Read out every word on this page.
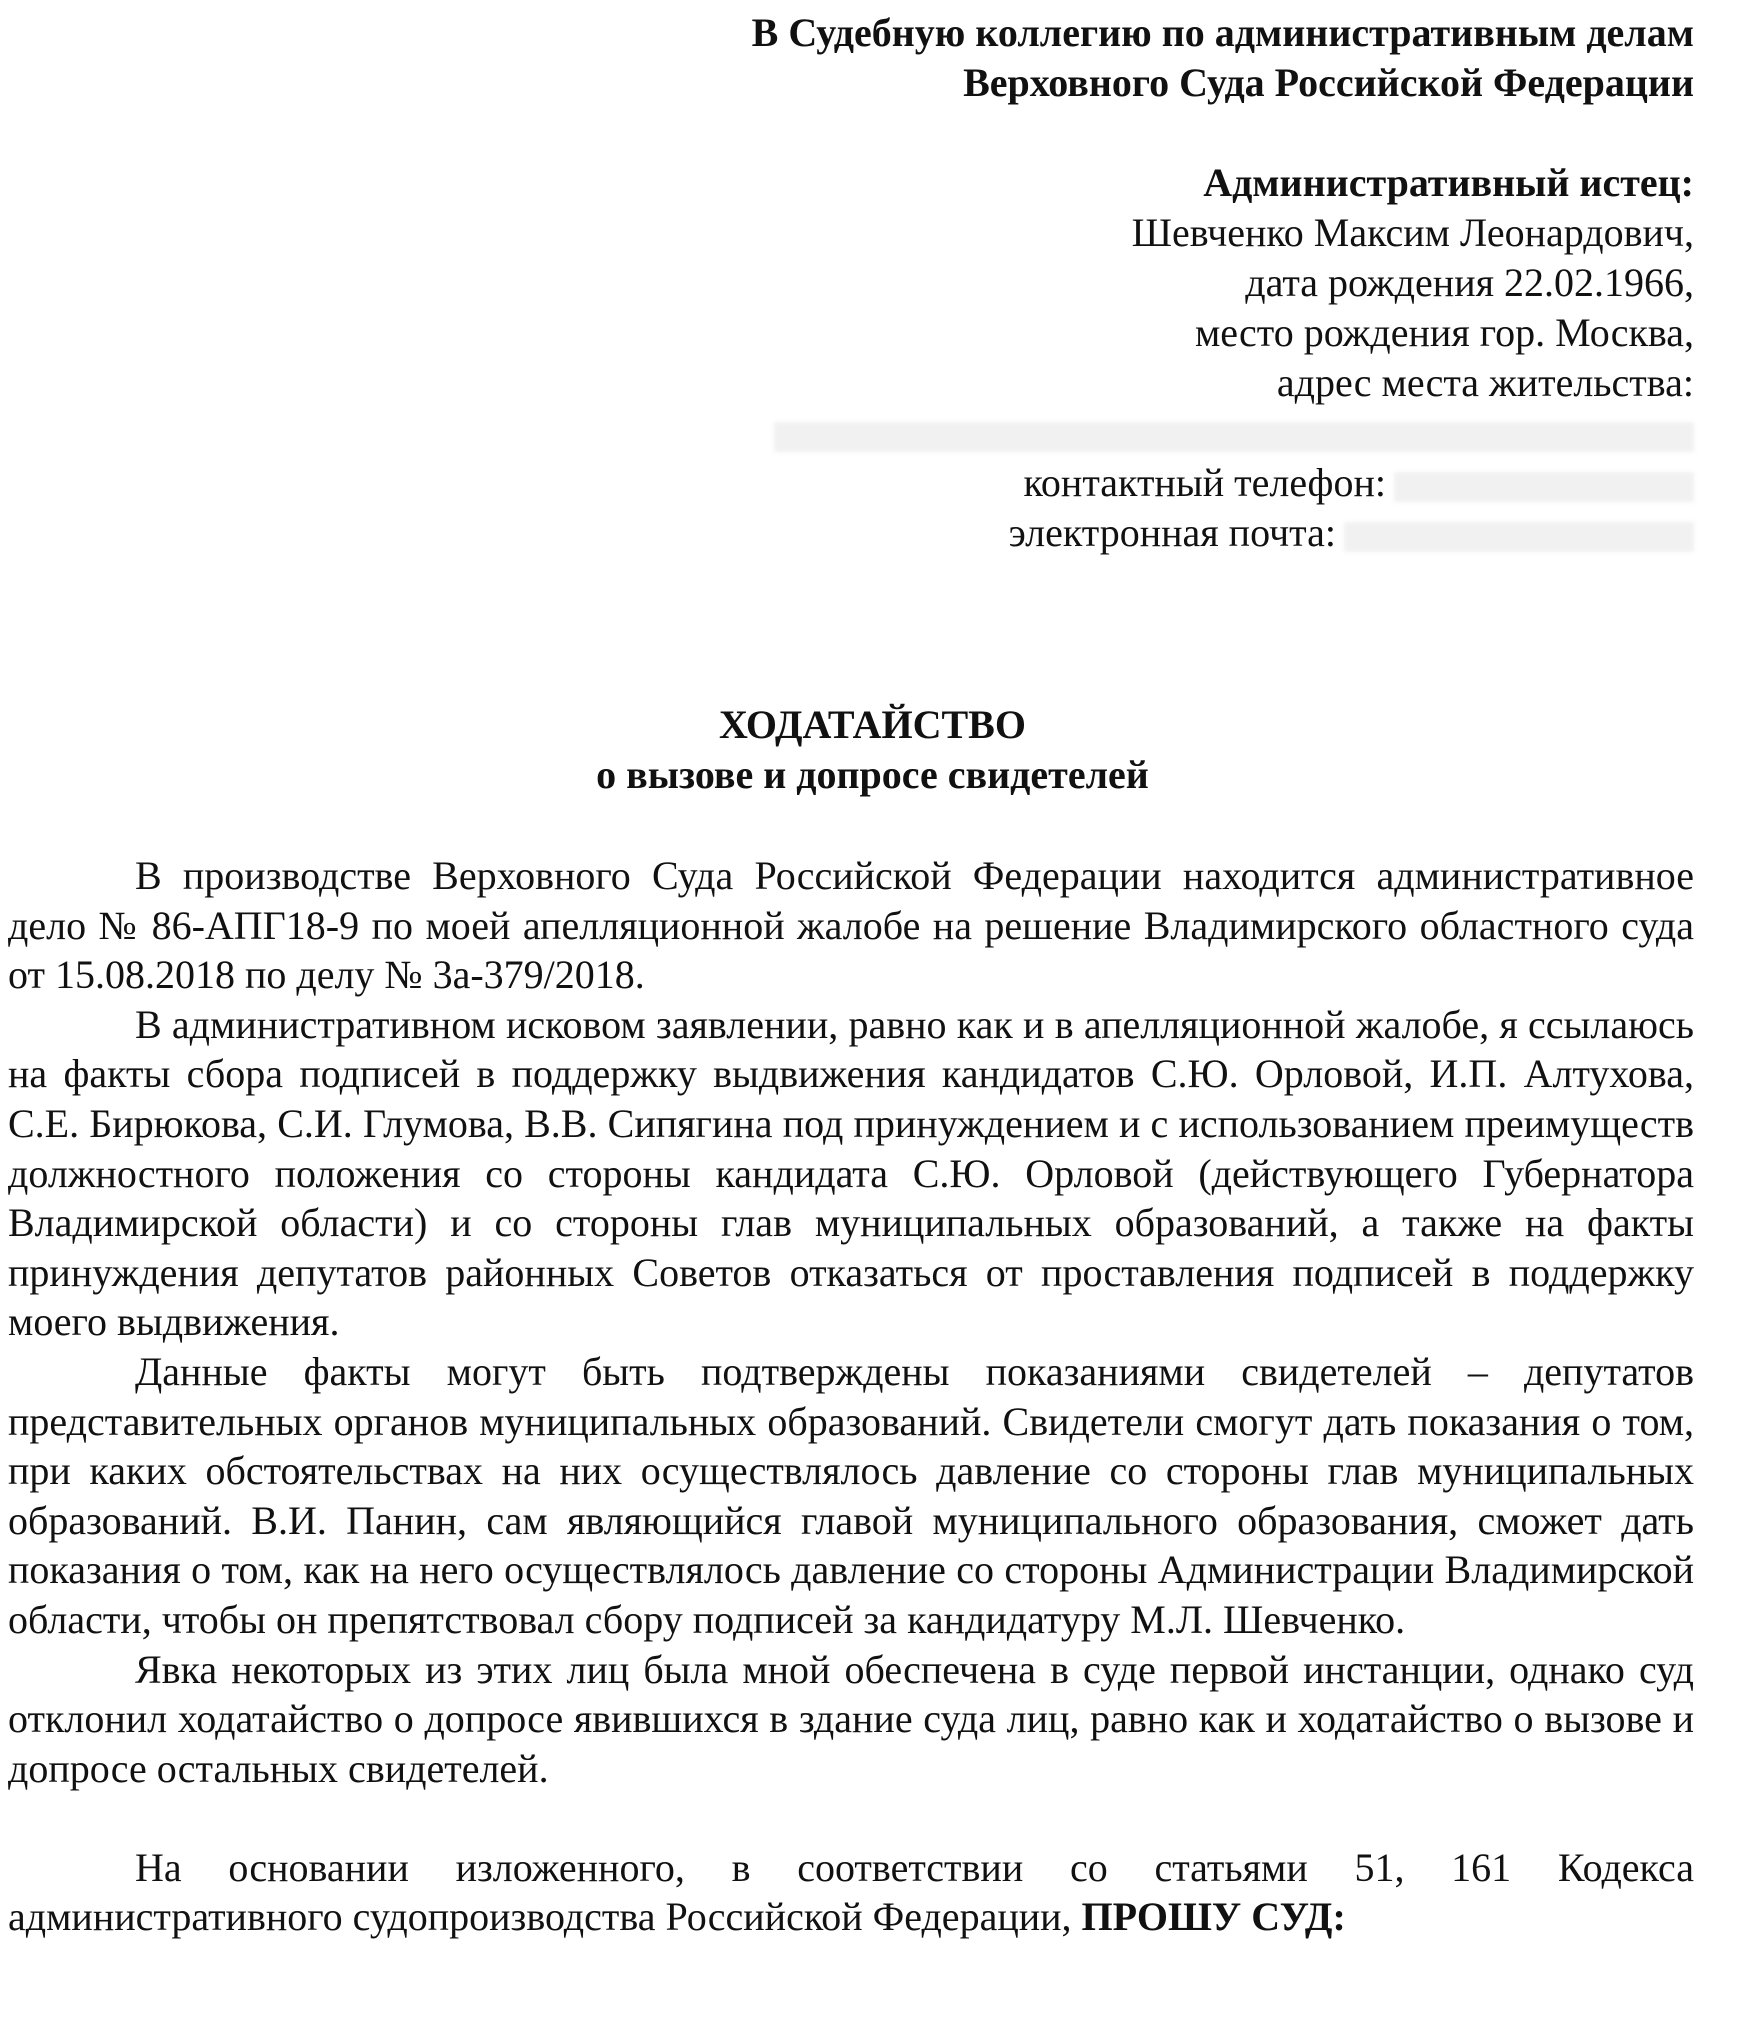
В Судебную коллегию по административным делам
Верховного Суда Российской Федерации
Административный истец:
Шевченко Максим Леонардович,
дата рождения 22.02.1966,
место рождения гор. Москва,
адрес места жительства:
контактный телефон:
электронная почта:
ХОДАТАЙСТВО
о вызове и допросе свидетелей

В производстве Верховного Суда Российской Федерации находится административное дело № 86-АПГ18-9 по моей апелляционной жалобе на решение Владимирского областного суда от 15.08.2018 по делу № 3а-379/2018.

В административном исковом заявлении, равно как и в апелляционной жалобе, я ссылаюсь на факты сбора подписей в поддержку выдвижения кандидатов С.Ю. Орловой, И.П. Алтухова, С.Е. Бирюкова, С.И. Глумова, В.В. Сипягина под принуждением и с использованием преимуществ должностного положения со стороны кандидата С.Ю. Орловой (действующего Губернатора Владимирской области) и со стороны глав муниципальных образований, а также на факты принуждения депутатов районных Советов отказаться от проставления подписей в поддержку моего выдвижения.

Данные факты могут быть подтверждены показаниями свидетелей – депутатов представительных органов муниципальных образований. Свидетели смогут дать показания о том, при каких обстоятельствах на них осуществлялось давление со стороны глав муниципальных образований. В.И. Панин, сам являющийся главой муниципального образования, сможет дать показания о том, как на него осуществлялось давление со стороны Администрации Владимирской области, чтобы он препятствовал сбору подписей за кандидатуру М.Л. Шевченко.

Явка некоторых из этих лиц была мной обеспечена в суде первой инстанции, однако суд отклонил ходатайство о допросе явившихся в здание суда лиц, равно как и ходатайство о вызове и допросе остальных свидетелей.

На основании изложенного, в соответствии со статьями 51, 161 Кодекса административного судопроизводства Российской Федерации, ПРОШУ СУД:
